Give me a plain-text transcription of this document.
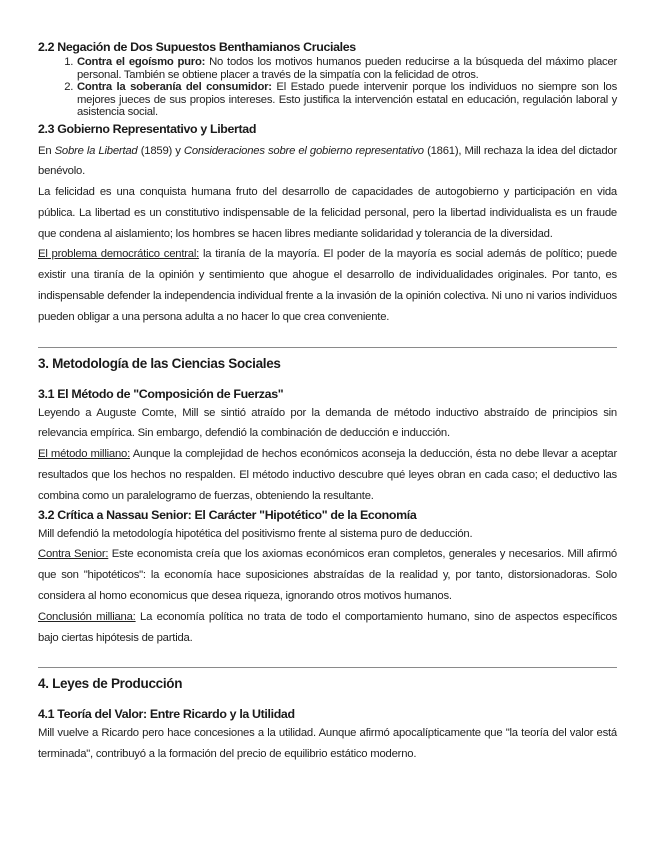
2.2 Negación de Dos Supuestos Benthamianos Cruciales
1. Contra el egoísmo puro: No todos los motivos humanos pueden reducirse a la búsqueda del máximo placer personal. También se obtiene placer a través de la simpatía con la felicidad de otros.
2. Contra la soberanía del consumidor: El Estado puede intervenir porque los individuos no siempre son los mejores jueces de sus propios intereses. Esto justifica la intervención estatal en educación, regulación laboral y asistencia social.
2.3 Gobierno Representativo y Libertad

En Sobre la Libertad (1859) y Consideraciones sobre el gobierno representativo (1861), Mill rechaza la idea del dictador benévolo.

La felicidad es una conquista humana fruto del desarrollo de capacidades de autogobierno y participación en vida pública. La libertad es un constitutivo indispensable de la felicidad personal, pero la libertad individualista es un fraude que condena al aislamiento; los hombres se hacen libres mediante solidaridad y tolerancia de la diversidad.

El problema democrático central: la tiranía de la mayoría. El poder de la mayoría es social además de político; puede existir una tiranía de la opinión y sentimiento que ahogue el desarrollo de individualidades originales. Por tanto, es indispensable defender la independencia individual frente a la invasión de la opinión colectiva. Ni uno ni varios individuos pueden obligar a una persona adulta a no hacer lo que crea conveniente.

3. Metodología de las Ciencias Sociales
3.1 El Método de "Composición de Fuerzas"

Leyendo a Auguste Comte, Mill se sintió atraído por la demanda de método inductivo abstraído de principios sin relevancia empírica. Sin embargo, defendió la combinación de deducción e inducción.

El método milliano: Aunque la complejidad de hechos económicos aconseja la deducción, ésta no debe llevar a aceptar resultados que los hechos no respalden. El método inductivo descubre qué leyes obran en cada caso; el deductivo las combina como un paralelogramo de fuerzas, obteniendo la resultante.

3.2 Crítica a Nassau Senior: El Carácter "Hipotético" de la Economía

Mill defendió la metodología hipotética del positivismo frente al sistema puro de deducción.

Contra Senior: Este economista creía que los axiomas económicos eran completos, generales y necesarios. Mill afirmó que son "hipotéticos": la economía hace suposiciones abstraídas de la realidad y, por tanto, distorsionadoras. Solo considera al homo economicus que desea riqueza, ignorando otros motivos humanos.

Conclusión milliana: La economía política no trata de todo el comportamiento humano, sino de aspectos específicos bajo ciertas hipótesis de partida.

4. Leyes de Producción
4.1 Teoría del Valor: Entre Ricardo y la Utilidad

Mill vuelve a Ricardo pero hace concesiones a la utilidad. Aunque afirmó apocalípticamente que "la teoría del valor está terminada", contribuyó a la formación del precio de equilibrio estático moderno.
